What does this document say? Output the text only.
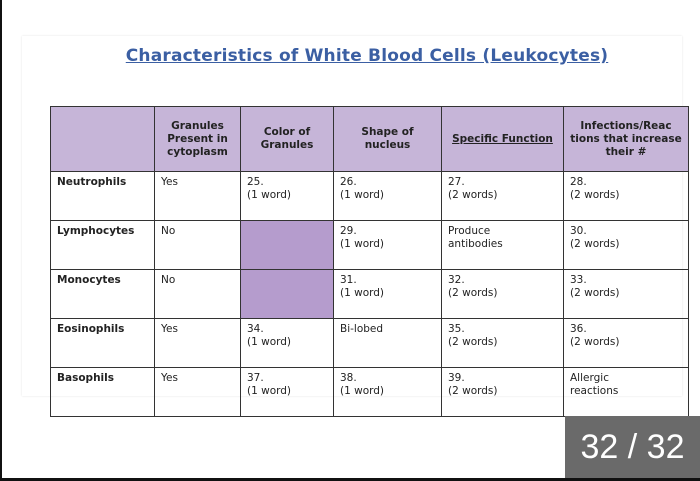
Characteristics of White Blood Cells (Leukocytes)
	Granules Present in cytoplasm	Color of Granules	Shape of nucleus	Specific Function	Infections/Reac tions that increase their #
Neutrophils	Yes	25.
(1 word)	26.
(1 word)	27.
(2 words)	28.
(2 words)
Lymphocytes	No		29.
(1 word)	Produce
antibodies	30.
(2 words)
Monocytes	No		31.
(1 word)	32.
(2 words)	33.
(2 words)
Eosinophils	Yes	34.
(1 word)	Bi-lobed	35.
(2 words)	36.
(2 words)
Basophils	Yes	37.
(1 word)	38.
(1 word)	39.
(2 words)	Allergic
reactions
32 / 32
